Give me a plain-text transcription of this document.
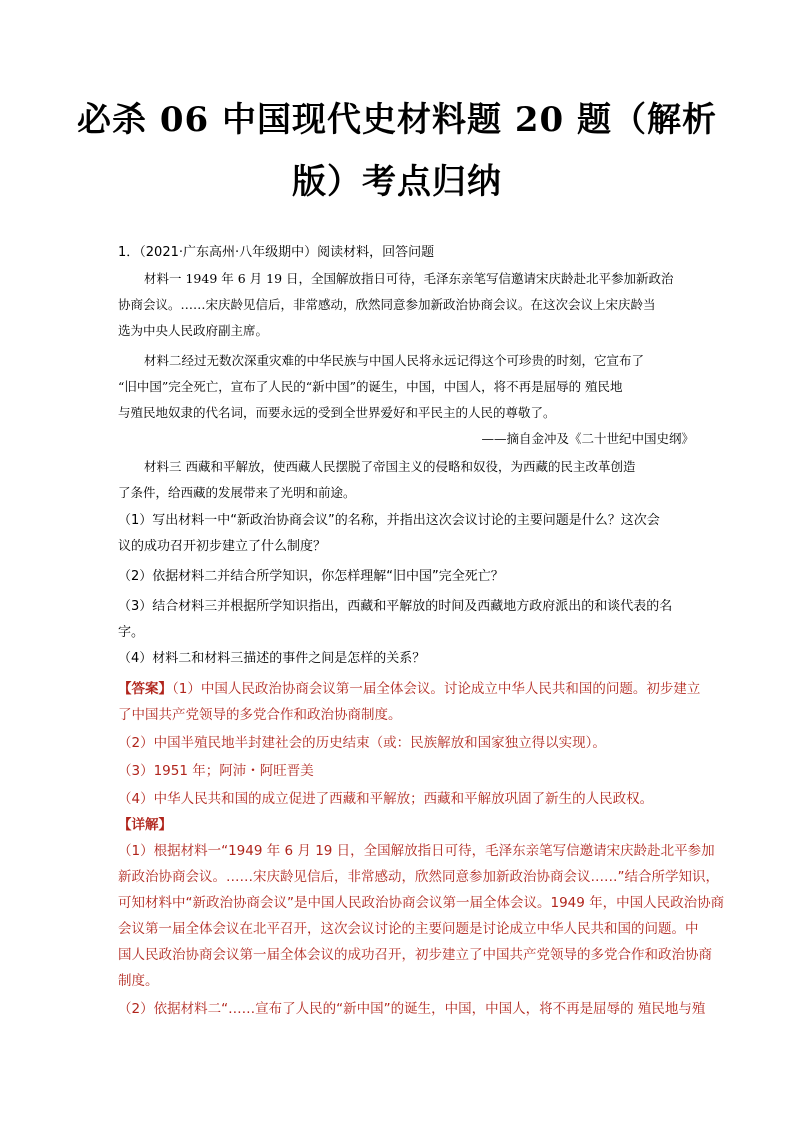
必杀 06 中国现代史材料题 20 题（解析
版）考点归纳
1．（2021·广东高州·八年级期中）阅读材料，回答问题
材料一 1949 年 6 月 19 日，全国解放指日可待，毛泽东亲笔写信邀请宋庆龄赴北平参加新政治
协商会议。……宋庆龄见信后，非常感动，欣然同意参加新政治协商会议。在这次会议上宋庆龄当
选为中央人民政府副主席。
材料二经过无数次深重灾难的中华民族与中国人民将永远记得这个可珍贵的时刻，它宣布了
“旧中国”完全死亡，宣布了人民的“新中国”的诞生，中国，中国人，将不再是屈辱的 殖民地
与殖民地奴隶的代名词，而要永远的受到全世界爱好和平民主的人民的尊敬了。
——摘自金冲及《二十世纪中国史纲》
材料三 西藏和平解放，使西藏人民摆脱了帝国主义的侵略和奴役，为西藏的民主改革创造
了条件，给西藏的发展带来了光明和前途。
（1）写出材料一中“新政治协商会议”的名称，并指出这次会议讨论的主要问题是什么？这次会
议的成功召开初步建立了什么制度？
（2）依据材料二并结合所学知识，你怎样理解“旧中国”完全死亡？
（3）结合材料三并根据所学知识指出，西藏和平解放的时间及西藏地方政府派出的和谈代表的名
字。
（4）材料二和材料三描述的事件之间是怎样的关系？
【答案】（1）中国人民政治协商会议第一届全体会议。讨论成立中华人民共和国的问题。初步建立
了中国共产党领导的多党合作和政治协商制度。
（2）中国半殖民地半封建社会的历史结束（或：民族解放和国家独立得以实现）。
（3）1951 年；阿沛・阿旺晋美
（4）中华人民共和国的成立促进了西藏和平解放；西藏和平解放巩固了新生的人民政权。
【详解】
（1）根据材料一“1949 年 6 月 19 日，全国解放指日可待，毛泽东亲笔写信邀请宋庆龄赴北平参加
新政治协商会议。……宋庆龄见信后，非常感动，欣然同意参加新政治协商会议……”结合所学知识，
可知材料中“新政治协商会议”是中国人民政治协商会议第一届全体会议。1949 年，中国人民政治协商
会议第一届全体会议在北平召开，这次会议讨论的主要问题是讨论成立中华人民共和国的问题。中
国人民政治协商会议第一届全体会议的成功召开，初步建立了中国共产党领导的多党合作和政治协商
制度。
（2）依据材料二“……宣布了人民的“新中国”的诞生，中国，中国人，将不再是屈辱的 殖民地与殖
